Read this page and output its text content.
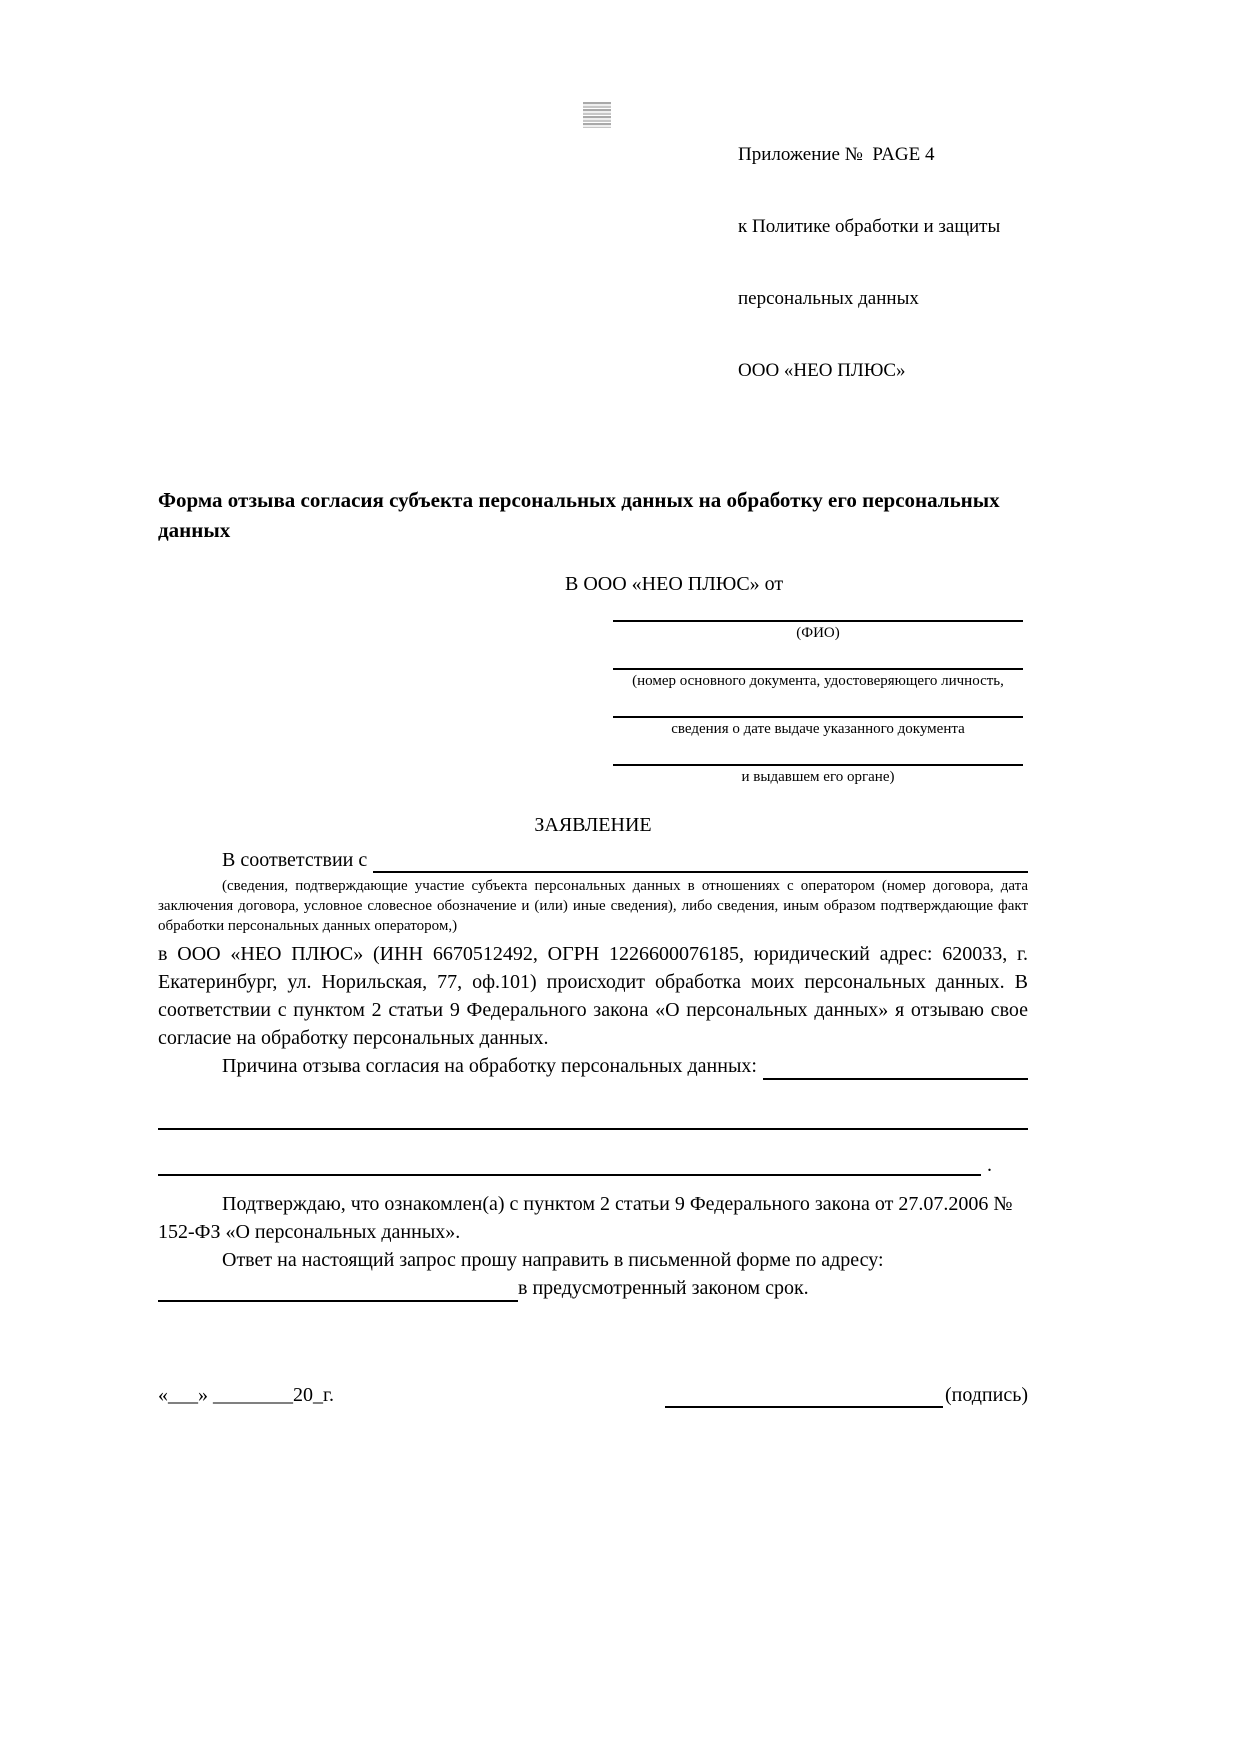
Приложение №  PAGE 4

к Политике обработки и защиты

персональных данных

ООО «НЕО ПЛЮС»

Форма отзыва согласия субъекта персональных данных на обработку его персональных данных
В ООО «НЕО ПЛЮС» от
(ФИО)
(номер основного документа, удостоверяющего личность,
сведения о дате выдаче указанного документа
и выдавшем его органе)
ЗАЯВЛЕНИЕ
В соответствии с

(сведения, подтверждающие участие субъекта персональных данных в отношениях с оператором (номер договора, дата заключения договора, условное словесное обозначение и (или) иные сведения), либо сведения, иным образом подтверждающие факт обработки персональных данных оператором,)

в ООО «НЕО ПЛЮС» (ИНН 6670512492, ОГРН 1226600076185, юридический адрес: 620033, г. Екатеринбург, ул. Норильская, 77, оф.101) происходит обработка моих персональных данных. В соответствии с пунктом 2 статьи 9 Федерального закона «О персональных данных» я отзываю свое согласие на обработку персональных данных.

Причина отзыва согласия на обработку персональных данных:
.

Подтверждаю, что ознакомлен(а) с пунктом 2 статьи 9 Федерального закона от 27.07.2006 № 152-ФЗ «О персональных данных».

Ответ на настоящий запрос прошу направить в письменной форме по адресу:

в предусмотренный законом срок.
«___» ________20_г.	(подпись)
